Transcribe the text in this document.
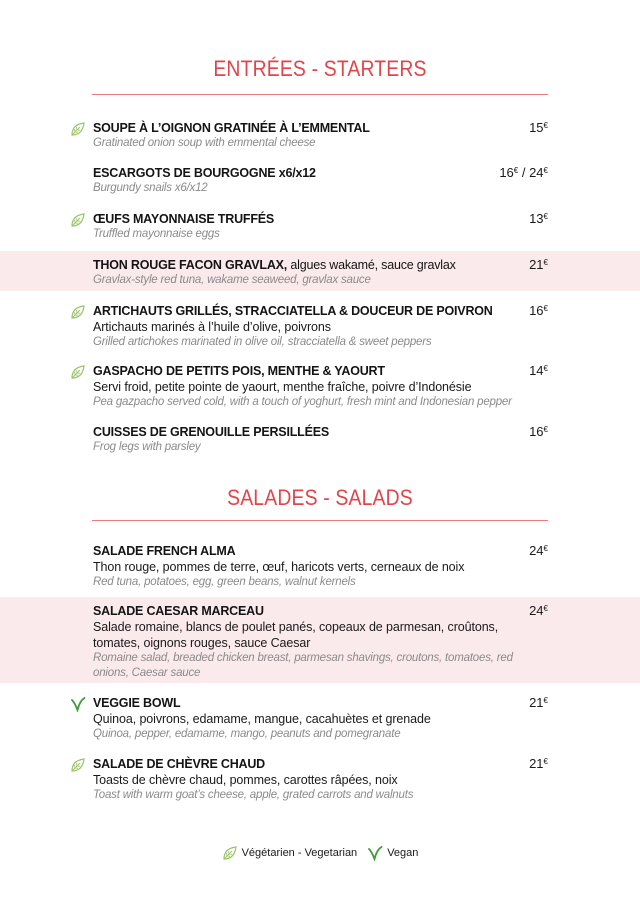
ENTRÉES - STARTERS
SOUPE À L’OIGNON GRATINÉE À L’EMMENTAL
Gratinated onion soup with emmental cheese
15€
ESCARGOTS DE BOURGOGNE x6/x12
Burgundy snails x6/x12
16€ / 24€
ŒUFS MAYONNAISE TRUFFÉS
Truffled mayonnaise eggs
13€
THON ROUGE FACON GRAVLAX, algues wakamé, sauce gravlax
Gravlax-style red tuna, wakame seaweed, gravlax sauce
21€
ARTICHAUTS GRILLÉS, STRACCIATELLA & DOUCEUR DE POIVRON
Artichauts marinés à l’huile d’olive, poivrons
Grilled artichokes marinated in olive oil, stracciatella & sweet peppers
16€
GASPACHO DE PETITS POIS, MENTHE & YAOURT
Servi froid, petite pointe de yaourt, menthe fraîche, poivre d’Indonésie
Pea gazpacho served cold, with a touch of yoghurt, fresh mint and Indonesian pepper
14€
CUISSES DE GRENOUILLE PERSILLÉES
Frog legs with parsley
16€
SALADES - SALADS
SALADE FRENCH ALMA
Thon rouge, pommes de terre, œuf, haricots verts, cerneaux de noix
Red tuna, potatoes, egg, green beans, walnut kernels
24€
SALADE CAESAR MARCEAU
Salade romaine, blancs de poulet panés, copeaux de parmesan, croûtons, tomates, oignons rouges, sauce Caesar
Romaine salad, breaded chicken breast, parmesan shavings, croutons, tomatoes, red onions, Caesar sauce
24€
VEGGIE BOWL
Quinoa, poivrons, edamame, mangue, cacahuètes et grenade
Quinoa, pepper, edamame, mango, peanuts and pomegranate
21€
SALADE DE CHÈVRE CHAUD
Toasts de chèvre chaud, pommes, carottes râpées, noix
Toast with warm goat’s cheese, apple, grated carrots and walnuts
21€
Végétarien - Vegetarian	Vegan
